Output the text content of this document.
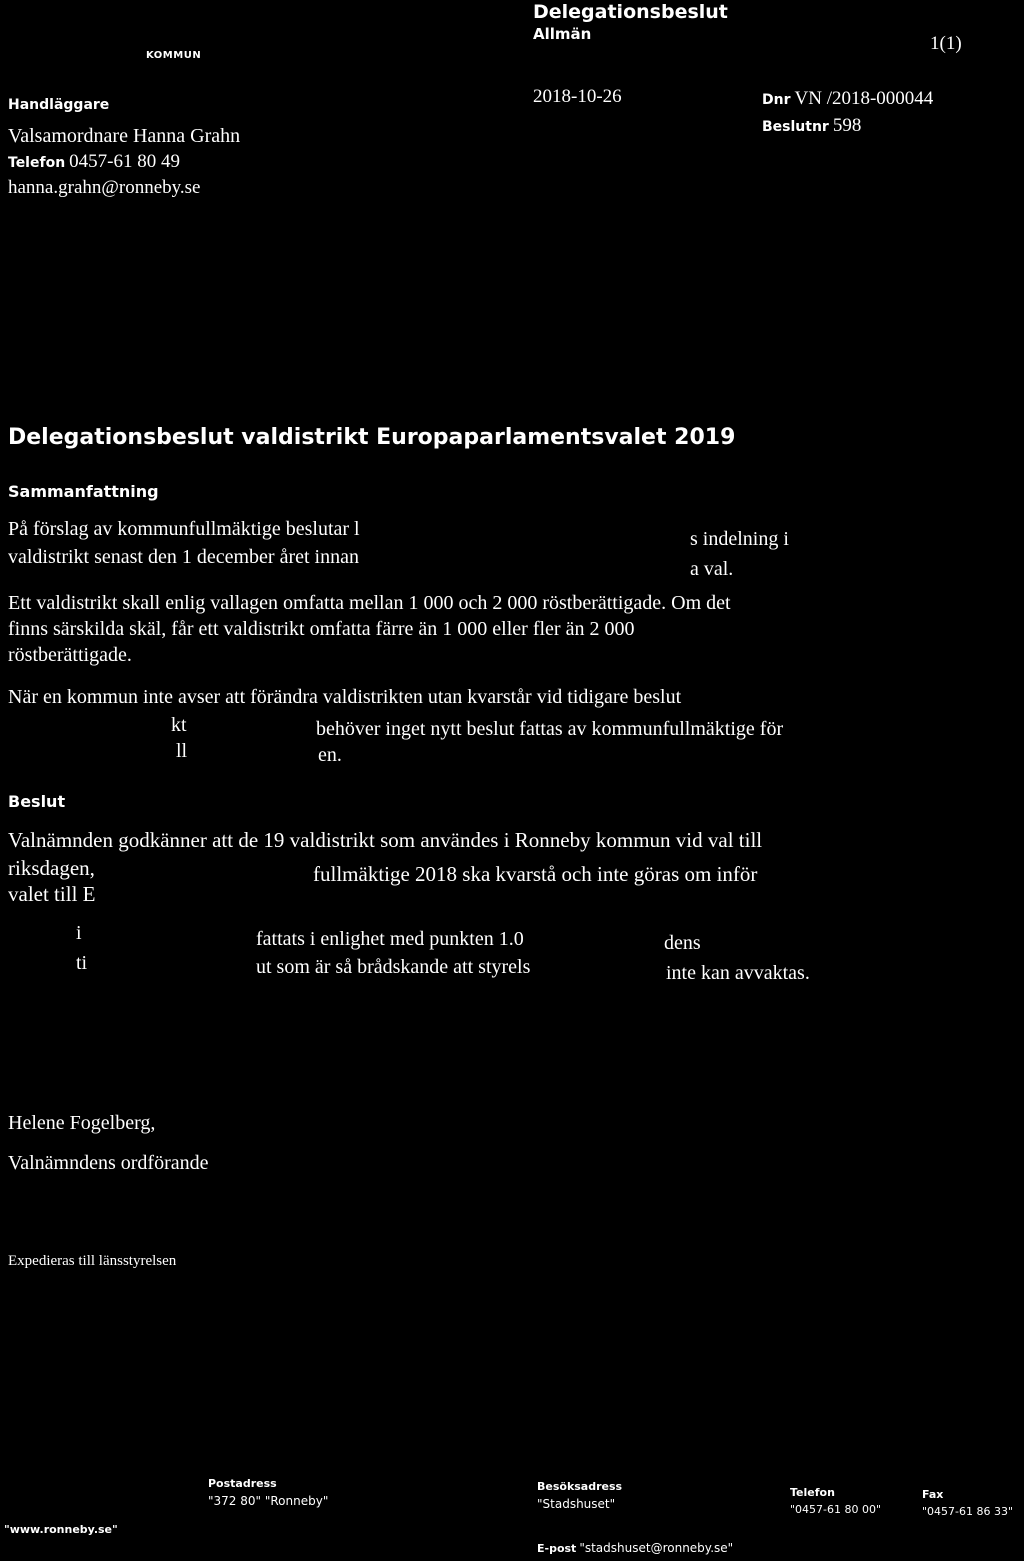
KOMMUN
Delegationsbeslut
Allmän	1(1)
2018-10-26
Handläggare
Valsamordnare Hanna Grahn
Telefon 0457-61 80 49
hanna.grahn@ronneby.se
Dnr VN /2018-000044
Beslutnr 598
Delegationsbeslut valdistrikt Europaparlamentsvalet 2019
Sammanfattning
På förslag av kommunfullmäktige beslutar l	s indelning i
valdistrikt senast den 1 december året innan
a val.
Ett valdistrikt skall enlig vallagen omfatta mellan 1 000 och 2 000 röstberättigade. Om det
finns särskilda skäl, får ett valdistrikt omfatta färre än 1 000 eller fler än 2 000
röstberättigade.
När en kommun inte avser att förändra valdistrikten utan kvarstår vid tidigare beslut
kt	behöver inget nytt beslut fattas av kommunfullmäktige för
ll	en.
Beslut
Valnämnden godkänner att de 19 valdistrikt som användes i Ronneby kommun vid val till
riksdagen,	fullmäktige 2018 ska kvarstå och inte göras om inför
valet till E
i	fattats i enlighet med punkten 1.0	dens
ti	ut som är så brådskande att styrels	inte kan avvaktas.
Helene Fogelberg,
Valnämndens ordförande
Expedieras till länsstyrelsen
"www.ronneby.se"
Postadress
"372 80" "Ronneby"
Besöksadress
"Stadshuset"
E-post "stadshuset@ronneby.se"
Telefon
"0457-61 80 00"
Fax
"0457-61 86 33"
